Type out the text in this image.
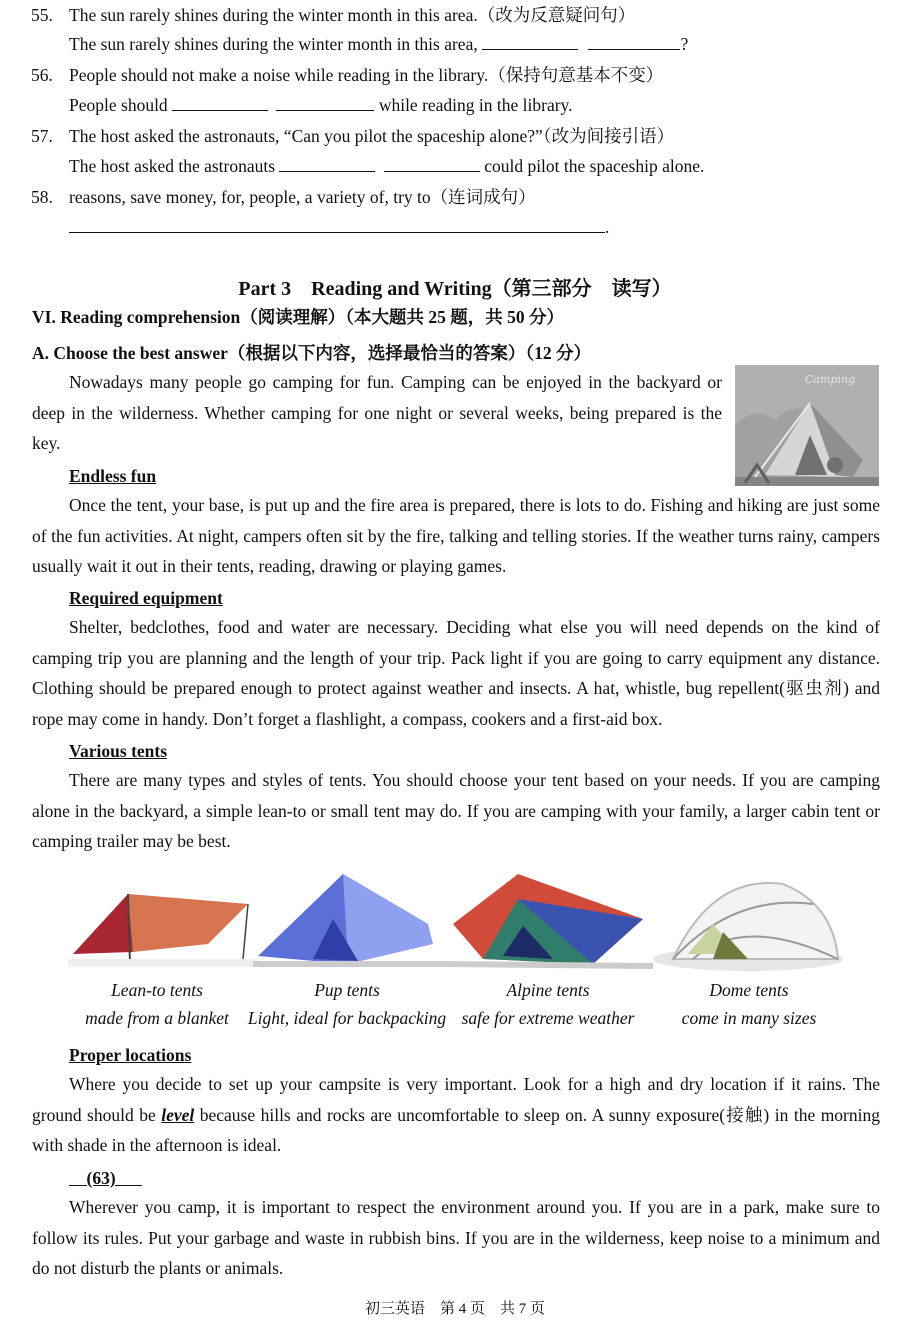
55. The sun rarely shines during the winter month in this area.（改为反意疑问句）
The sun rarely shines during the winter month in this area,	?
56. People should not make a noise while reading in the library.（保持句意基本不变）
People should	while reading in the library.
57. The host asked the astronauts, “Can you pilot the spaceship alone?”（改为间接引语）
The host asked the astronauts	could pilot the spaceship alone.
58. reasons, save money, for, people, a variety of, try to（连词成句）
.
Part 3    Reading and Writing（第三部分    读写）
VI. Reading comprehension（阅读理解）（本大题共 25 题，共 50 分）
A. Choose the best answer（根据以下内容，选择最恰当的答案）（12 分）
Nowadays many people go camping for fun. Camping can be enjoyed in the backyard or deep in the wilderness. Whether camping for one night or several weeks, being prepared is the key.
Camping
Endless fun
Once the tent, your base, is put up and the fire area is prepared, there is lots to do. Fishing and hiking are just some of the fun activities. At night, campers often sit by the fire, talking and telling stories. If the weather turns rainy, campers usually wait it out in their tents, reading, drawing or playing games.
Required equipment
Shelter, bedclothes, food and water are necessary. Deciding what else you will need depends on the kind of camping trip you are planning and the length of your trip. Pack light if you are going to carry equipment any distance. Clothing should be prepared enough to protect against weather and insects. A hat, whistle, bug repellent(驱虫剂) and rope may come in handy. Don’t forget a flashlight, a compass, cookers and a first-aid box.
Various tents
There are many types and styles of tents. You should choose your tent based on your needs. If you are camping alone in the backyard, a simple lean-to or small tent may do. If you are camping with your family, a larger cabin tent or camping trailer may be best.
Lean-to tents
made from a blanket
Pup tents
Light, ideal for backpacking
Alpine tents
safe for extreme weather
Dome tents
come in many sizes
Proper locations
Where you decide to set up your campsite is very important. Look for a high and dry location if it rains. The ground should be level because hills and rocks are uncomfortable to sleep on. A sunny exposure(接触) in the morning with shade in the afternoon is ideal.
(63)
Wherever you camp, it is important to respect the environment around you. If you are in a park, make sure to follow its rules. Put your garbage and waste in rubbish bins. If you are in the wilderness, keep noise to a minimum and do not disturb the plants or animals.
初三英语    第 4 页    共 7 页
